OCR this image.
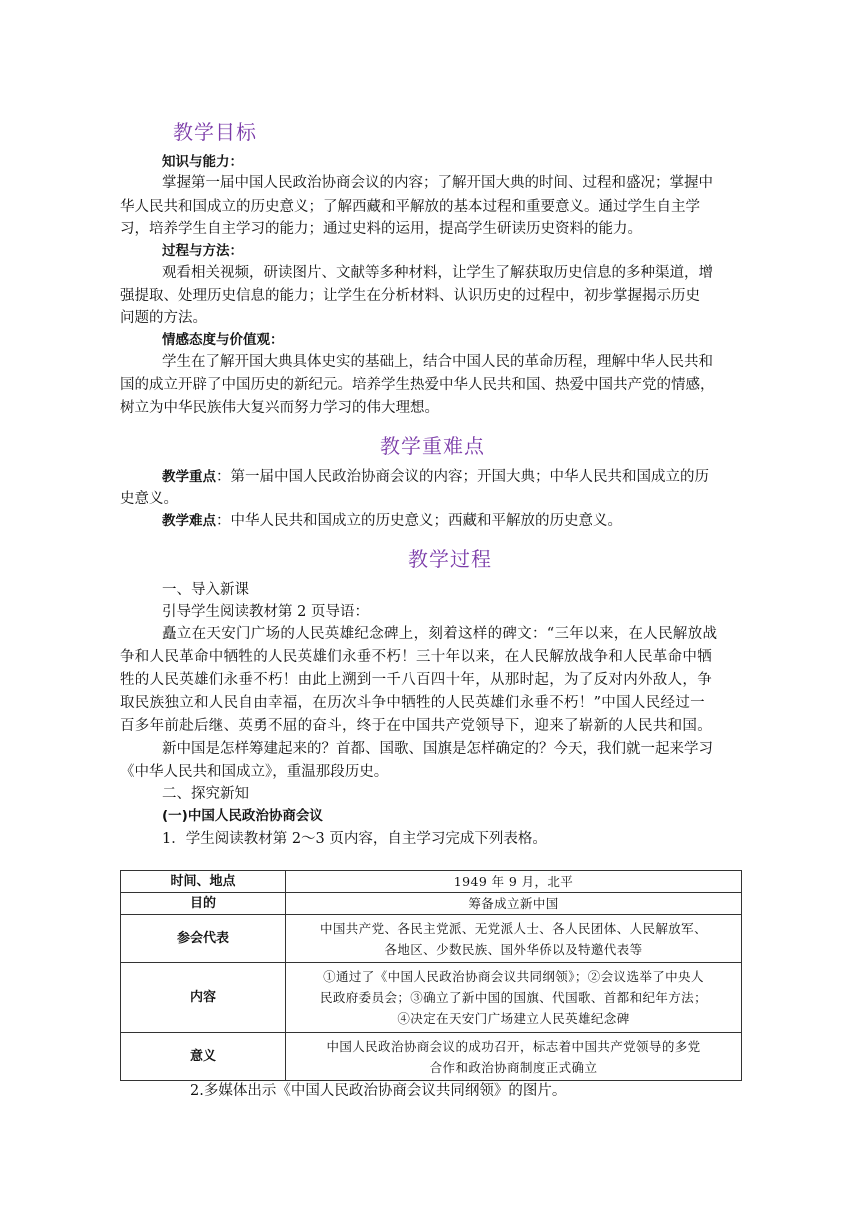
教学目标
知识与能力：
掌握第一届中国人民政治协商会议的内容；了解开国大典的时间、过程和盛况；掌握中
华人民共和国成立的历史意义；了解西藏和平解放的基本过程和重要意义。通过学生自主学
习，培养学生自主学习的能力；通过史料的运用，提高学生研读历史资料的能力。
过程与方法：
观看相关视频，研读图片、文献等多种材料，让学生了解获取历史信息的多种渠道，增
强提取、处理历史信息的能力；让学生在分析材料、认识历史的过程中，初步掌握揭示历史
问题的方法。
情感态度与价值观：
学生在了解开国大典具体史实的基础上，结合中国人民的革命历程，理解中华人民共和
国的成立开辟了中国历史的新纪元。培养学生热爱中华人民共和国、热爱中国共产党的情感，
树立为中华民族伟大复兴而努力学习的伟大理想。
教学重难点
教学重点：第一届中国人民政治协商会议的内容；开国大典；中华人民共和国成立的历
史意义。
教学难点：中华人民共和国成立的历史意义；西藏和平解放的历史意义。
教学过程
一、导入新课
引导学生阅读教材第 2 页导语：
矗立在天安门广场的人民英雄纪念碑上，刻着这样的碑文：“三年以来，在人民解放战
争和人民革命中牺牲的人民英雄们永垂不朽！三十年以来，在人民解放战争和人民革命中牺
牲的人民英雄们永垂不朽！由此上溯到一千八百四十年，从那时起，为了反对内外敌人，争
取民族独立和人民自由幸福，在历次斗争中牺牲的人民英雄们永垂不朽！”中国人民经过一
百多年前赴后继、英勇不屈的奋斗，终于在中国共产党领导下，迎来了崭新的人民共和国。
新中国是怎样筹建起来的？首都、国歌、国旗是怎样确定的？今天，我们就一起来学习
《中华人民共和国成立》，重温那段历史。
二、探究新知
(一)中国人民政治协商会议
1．学生阅读教材第 2～3 页内容，自主学习完成下列表格。
时间、地点	1949 年 9 月，北平

目的	筹备成立新中国

参会代表	中国共产党、各民主党派、无党派人士、各人民团体、人民解放军、
各地区、少数民族、国外华侨以及特邀代表等

内容	①通过了《中国人民政治协商会议共同纲领》；②会议选举了中央人
民政府委员会；③确立了新中国的国旗、代国歌、首都和纪年方法；
④决定在天安门广场建立人民英雄纪念碑

意义	中国人民政治协商会议的成功召开，标志着中国共产党领导的多党
合作和政治协商制度正式确立
2.多媒体出示《中国人民政治协商会议共同纲领》的图片。
